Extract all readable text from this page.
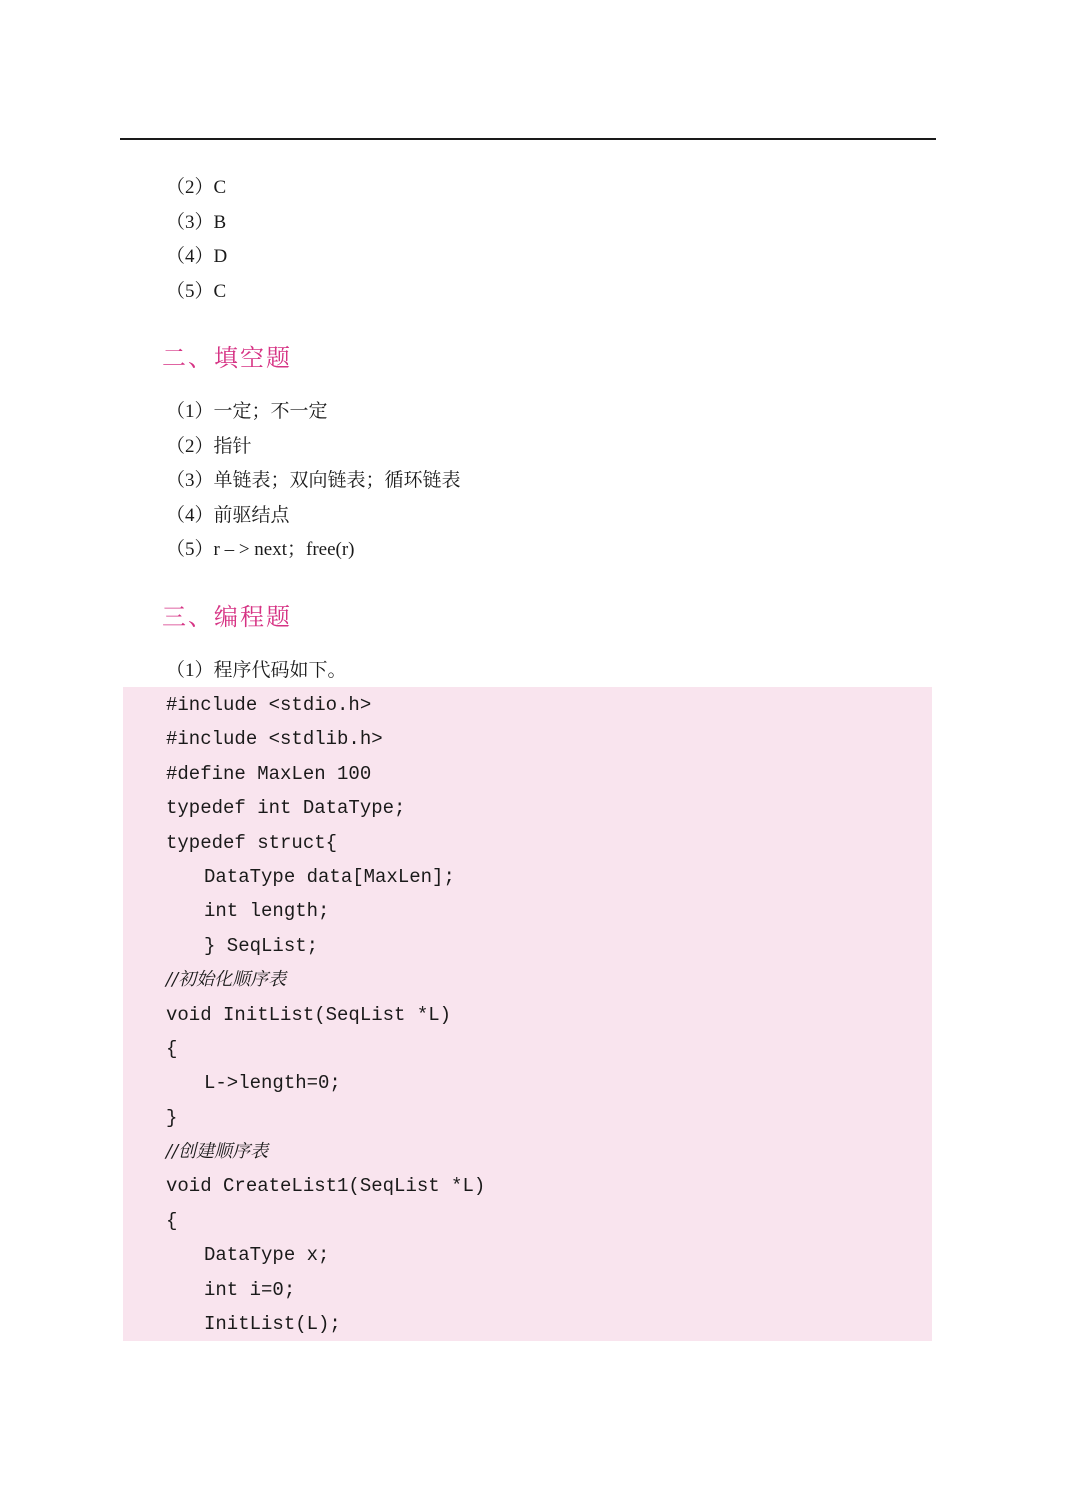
（2）C
（3）B
（4）D
（5）C
二、填空题
（1）一定；不一定
（2）指针
（3）单链表；双向链表；循环链表
（4）前驱结点
（5）r – > next；free(r)
三、编程题

（1）程序代码如下。

#include <stdio.h>
#include <stdlib.h>
#define MaxLen 100
typedef int DataType;
typedef struct{
DataType data[MaxLen];
int length;
} SeqList;
//初始化顺序表
void InitList(SeqList *L)
{
L->length=0;
}
//创建顺序表
void CreateList1(SeqList *L)
{
DataType x;
int i=0;
InitList(L);
